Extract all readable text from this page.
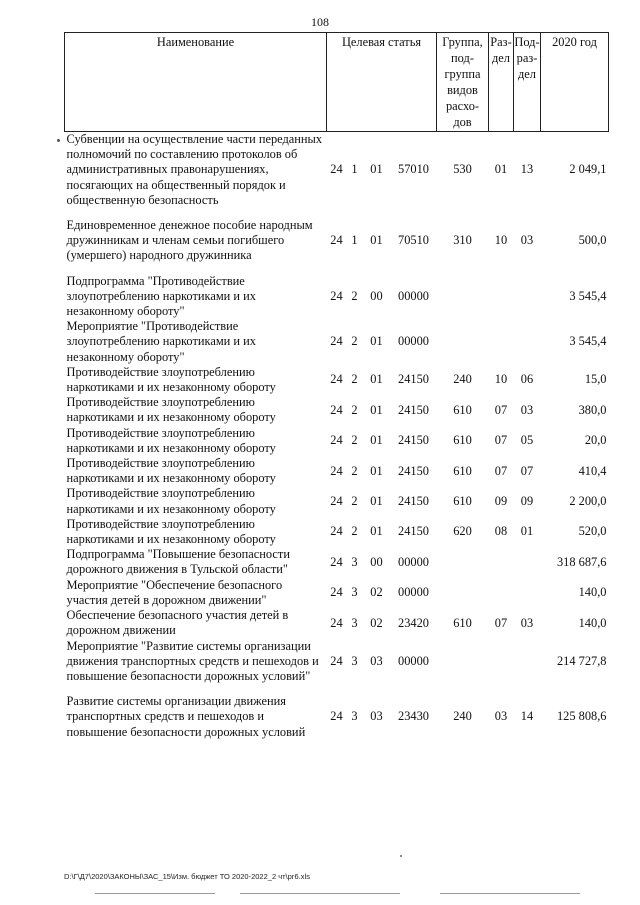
108
Наименование	Целевая статья				Группа, под-группа видов расхо-дов	Раз-дел	Под-раз-дел	2020 год
Субвенции на осуществление части переданных полномочий по составлению протоколов об административных правонарушениях, посягающих на общественный порядок и общественную безопасность	24	1	01	57010	530	01	13	2 049,1

Единовременное денежное пособие народным дружинникам и членам семьи погибшего (умершего) народного дружинника	24	1	01	70510	310	10	03	500,0

Подпрограмма "Противодействие злоупотреблению наркотиками и их незаконному обороту"	24	2	00	00000				3 545,4
Мероприятие "Противодействие злоупотреблению наркотиками и их незаконному обороту"	24	2	01	00000				3 545,4
Противодействие злоупотреблению наркотиками и их незаконному обороту	24	2	01	24150	240	10	06	15,0
Противодействие злоупотреблению наркотиками и их незаконному обороту	24	2	01	24150	610	07	03	380,0
Противодействие злоупотреблению наркотиками и их незаконному обороту	24	2	01	24150	610	07	05	20,0
Противодействие злоупотреблению наркотиками и их незаконному обороту	24	2	01	24150	610	07	07	410,4
Противодействие злоупотреблению наркотиками и их незаконному обороту	24	2	01	24150	610	09	09	2 200,0
Противодействие злоупотреблению наркотиками и их незаконному обороту	24	2	01	24150	620	08	01	520,0
Подпрограмма "Повышение безопасности дорожного движения в Тульской области"	24	3	00	00000				318 687,6
Мероприятие "Обеспечение безопасного участия детей в дорожном движении"	24	3	02	00000				140,0
Обеспечение безопасного участия детей в дорожном движении	24	3	02	23420	610	07	03	140,0
Мероприятие "Развитие системы организации движения транспортных средств и пешеходов и повышение безопасности дорожных условий"	24	3	03	00000				214 727,8

Развитие системы организации движения транспортных средств и пешеходов и повышение безопасности дорожных условий	24	3	03	23430	240	03	14	125 808,6
D:\Г\Д7\2020\ЗАКОНЫ\ЗАС_15\Изм. бюджет ТО 2020-2022_2 чт\рг6.xls
